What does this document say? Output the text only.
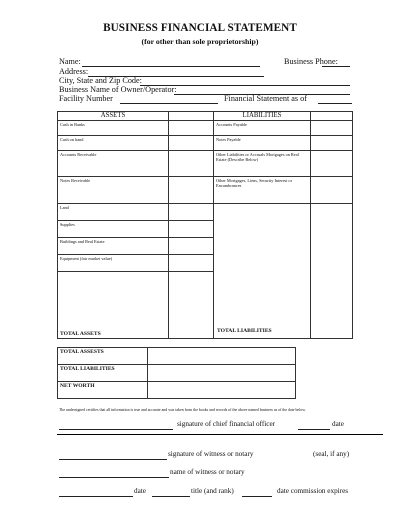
BUSINESS FINANCIAL STATEMENT
(for other than sole proprietorship)
Name:	Business Phone:
Address:
City, State and Zip Code:
Business Name of Owner/Operator:
Facility Number	Financial Statement as of
ASSETS		LIABILITIES	
Cash in Banks		Accounts Payable	
Cash on hand		Notes Payable	
Accounts Receivable		Other Liabilities or Accruals Mortgages on Real Estate (Describe Below)	
Notes Receivable		Other Mortgages, Liens, Security Interest or Encumbrances	
Land			
Supplies			
Buildings and Real Estate			
Equipment (fair market value)			
TOTAL ASSETS				TOTAL LIABILITIES
TOTAL ASSESTS	
TOTAL LIABILITIES	
NET WORTH	
The undersigned certifies that all information is true and accurate and was taken from the books and records of the above named business as of the date below.
signature of chief financial officer	date
signature of witness or notary	(seal, if any)
name of witness or notary
date	title (and rank)	date commission expires
